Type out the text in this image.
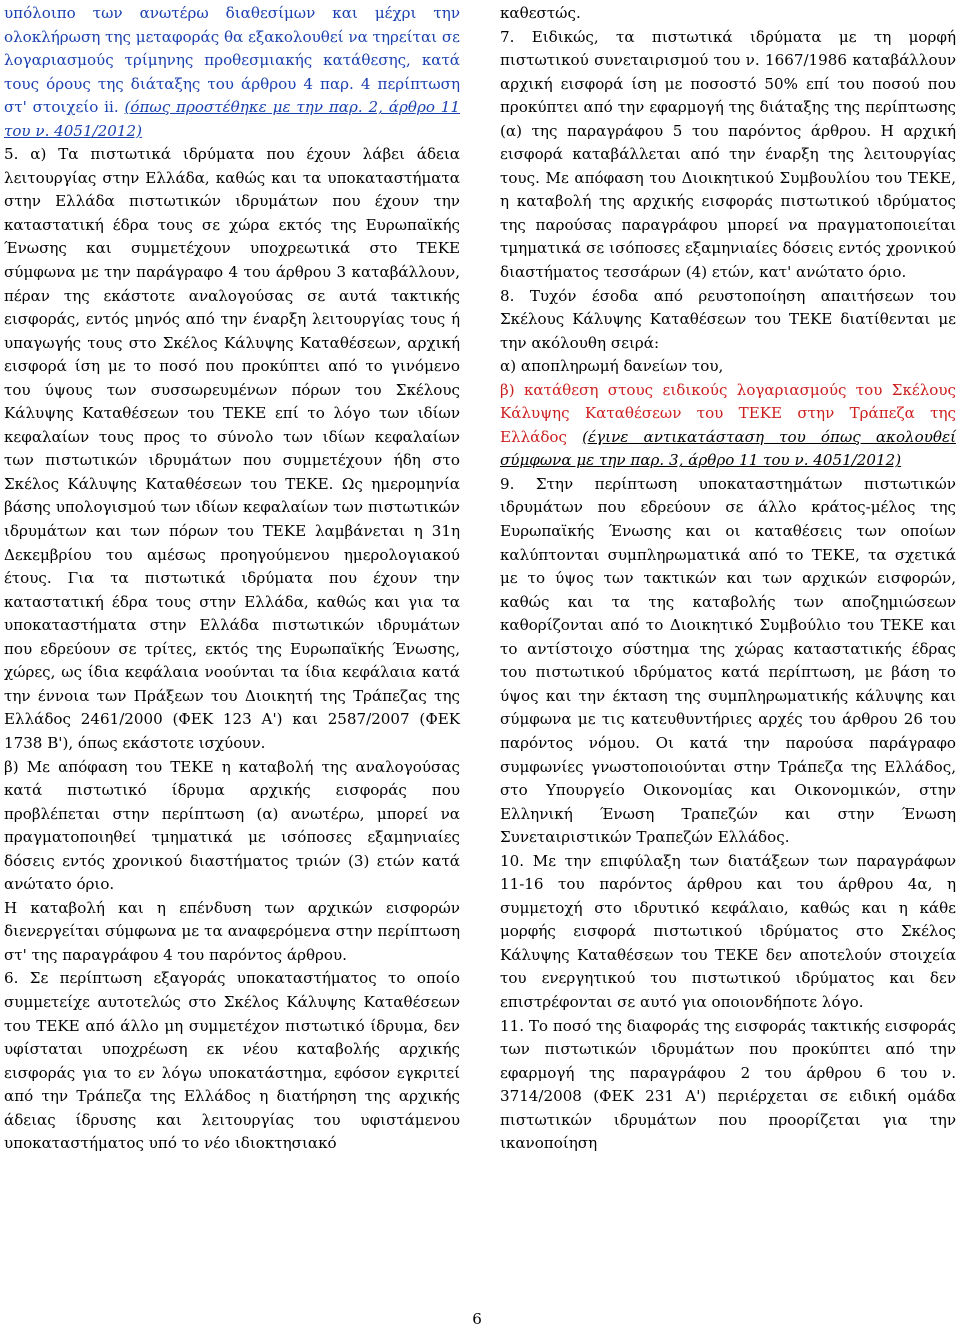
υπόλοιπο των ανωτέρω διαθεσίμων και μέχρι την ολοκλήρωση της μεταφοράς θα εξακολουθεί να τηρείται σε λογαριασμούς τρίμηνης προθεσμιακής κατάθεσης, κατά τους όρους της διάταξης του άρθρου 4 παρ. 4 περίπτωση στ' στοιχείο ii. (όπως προστέθηκε με την παρ. 2, άρθρο 11 του ν. 4051/2012)

5. α) Τα πιστωτικά ιδρύματα που έχουν λάβει άδεια λειτουργίας στην Ελλάδα, καθώς και τα υποκαταστήματα στην Ελλάδα πιστωτικών ιδρυμάτων που έχουν την καταστατική έδρα τους σε χώρα εκτός της Ευρωπαϊκής Ένωσης και συμμετέχουν υποχρεωτικά στο ΤΕΚΕ σύμφωνα με την παράγραφο 4 του άρθρου 3 καταβάλλουν, πέραν της εκάστοτε αναλογούσας σε αυτά τακτικής εισφοράς, εντός μηνός από την έναρξη λειτουργίας τους ή υπαγωγής τους στο Σκέλος Κάλυψης Καταθέσεων, αρχική εισφορά ίση με το ποσό που προκύπτει από το γινόμενο του ύψους των συσσωρευμένων πόρων του Σκέλους Κάλυψης Καταθέσεων του ΤΕΚΕ επί το λόγο των ιδίων κεφαλαίων τους προς το σύνολο των ιδίων κεφαλαίων των πιστωτικών ιδρυμάτων που συμμετέχουν ήδη στο Σκέλος Κάλυψης Καταθέσεων του ΤΕΚΕ. Ως ημερομηνία βάσης υπολογισμού των ιδίων κεφαλαίων των πιστωτικών ιδρυμάτων και των πόρων του ΤΕΚΕ λαμβάνεται η 31η Δεκεμβρίου του αμέσως προηγούμενου ημερολογιακού έτους. Για τα πιστωτικά ιδρύματα που έχουν την καταστατική έδρα τους στην Ελλάδα, καθώς και για τα υποκαταστήματα στην Ελλάδα πιστωτικών ιδρυμάτων που εδρεύουν σε τρίτες, εκτός της Ευρωπαϊκής Ένωσης, χώρες, ως ίδια κεφάλαια νοούνται τα ίδια κεφάλαια κατά την έννοια των Πράξεων του Διοικητή της Τράπεζας της Ελλάδος 2461/2000 (ΦΕΚ 123 Α') και 2587/2007 (ΦΕΚ 1738 Β'), όπως εκάστοτε ισχύουν.

β) Με απόφαση του ΤΕΚΕ η καταβολή της αναλογούσας κατά πιστωτικό ίδρυμα αρχικής εισφοράς που προβλέπεται στην περίπτωση (α) ανωτέρω, μπορεί να πραγματοποιηθεί τμηματικά με ισόποσες εξαμηνιαίες δόσεις εντός χρονικού διαστήματος τριών (3) ετών κατά ανώτατο όριο.

Η καταβολή και η επένδυση των αρχικών εισφορών διενεργείται σύμφωνα με τα αναφερόμενα στην περίπτωση στ' της παραγράφου 4 του παρόντος άρθρου.

6. Σε περίπτωση εξαγοράς υποκαταστήματος το οποίο συμμετείχε αυτοτελώς στο Σκέλος Κάλυψης Καταθέσεων του ΤΕΚΕ από άλλο μη συμμετέχον πιστωτικό ίδρυμα, δεν υφίσταται υποχρέωση εκ νέου καταβολής αρχικής εισφοράς για το εν λόγω υποκατάστημα, εφόσον εγκριτεί από την Τράπεζα της Ελλάδος η διατήρηση της αρχικής άδειας ίδρυσης και λειτουργίας του υφιστάμενου υποκαταστήματος υπό το νέο ιδιοκτησιακό

καθεστώς.

7. Ειδικώς, τα πιστωτικά ιδρύματα με τη μορφή πιστωτικού συνεταιρισμού του ν. 1667/1986 καταβάλλουν αρχική εισφορά ίση με ποσοστό 50% επί του ποσού που προκύπτει από την εφαρμογή της διάταξης της περίπτωσης (α) της παραγράφου 5 του παρόντος άρθρου. Η αρχική εισφορά καταβάλλεται από την έναρξη της λειτουργίας τους. Με απόφαση του Διοικητικού Συμβουλίου του ΤΕΚΕ, η καταβολή της αρχικής εισφοράς πιστωτικού ιδρύματος της παρούσας παραγράφου μπορεί να πραγματοποιείται τμηματικά σε ισόποσες εξαμηνιαίες δόσεις εντός χρονικού διαστήματος τεσσάρων (4) ετών, κατ' ανώτατο όριο.

8. Τυχόν έσοδα από ρευστοποίηση απαιτήσεων του Σκέλους Κάλυψης Καταθέσεων του ΤΕΚΕ διατίθενται με την ακόλουθη σειρά:

α) αποπληρωμή δανείων του,

β) κατάθεση στους ειδικούς λογαριασμούς του Σκέλους Κάλυψης Καταθέσεων του ΤΕΚΕ στην Τράπεζα της Ελλάδος (έγινε αντικατάσταση του όπως ακολουθεί σύμφωνα με την παρ. 3, άρθρο 11 του ν. 4051/2012)

9. Στην περίπτωση υποκαταστημάτων πιστωτικών ιδρυμάτων που εδρεύουν σε άλλο κράτος-μέλος της Ευρωπαϊκής Ένωσης και οι καταθέσεις των οποίων καλύπτονται συμπληρωματικά από το ΤΕΚΕ, τα σχετικά με το ύψος των τακτικών και των αρχικών εισφορών, καθώς και τα της καταβολής των αποζημιώσεων καθορίζονται από το Διοικητικό Συμβούλιο του ΤΕΚΕ και το αντίστοιχο σύστημα της χώρας καταστατικής έδρας του πιστωτικού ιδρύματος κατά περίπτωση, με βάση το ύψος και την έκταση της συμπληρωματικής κάλυψης και σύμφωνα με τις κατευθυντήριες αρχές του άρθρου 26 του παρόντος νόμου. Οι κατά την παρούσα παράγραφο συμφωνίες γνωστοποιούνται στην Τράπεζα της Ελλάδος, στο Υπουργείο Οικονομίας και Οικονομικών, στην Ελληνική Ένωση Τραπεζών και στην Ένωση Συνεταιριστικών Τραπεζών Ελλάδος.

10. Με την επιφύλαξη των διατάξεων των παραγράφων 11-16 του παρόντος άρθρου και του άρθρου 4α, η συμμετοχή στο ιδρυτικό κεφάλαιο, καθώς και η κάθε μορφής εισφορά πιστωτικού ιδρύματος στο Σκέλος Κάλυψης Καταθέσεων του ΤΕΚΕ δεν αποτελούν στοιχεία του ενεργητικού του πιστωτικού ιδρύματος και δεν επιστρέφονται σε αυτό για οποιονδήποτε λόγο.

11. Το ποσό της διαφοράς της εισφοράς τακτικής εισφοράς των πιστωτικών ιδρυμάτων που προκύπτει από την εφαρμογή της παραγράφου 2 του άρθρου 6 του ν. 3714/2008 (ΦΕΚ 231 Α') περιέρχεται σε ειδική ομάδα πιστωτικών ιδρυμάτων που προορίζεται για την ικανοποίηση

6
